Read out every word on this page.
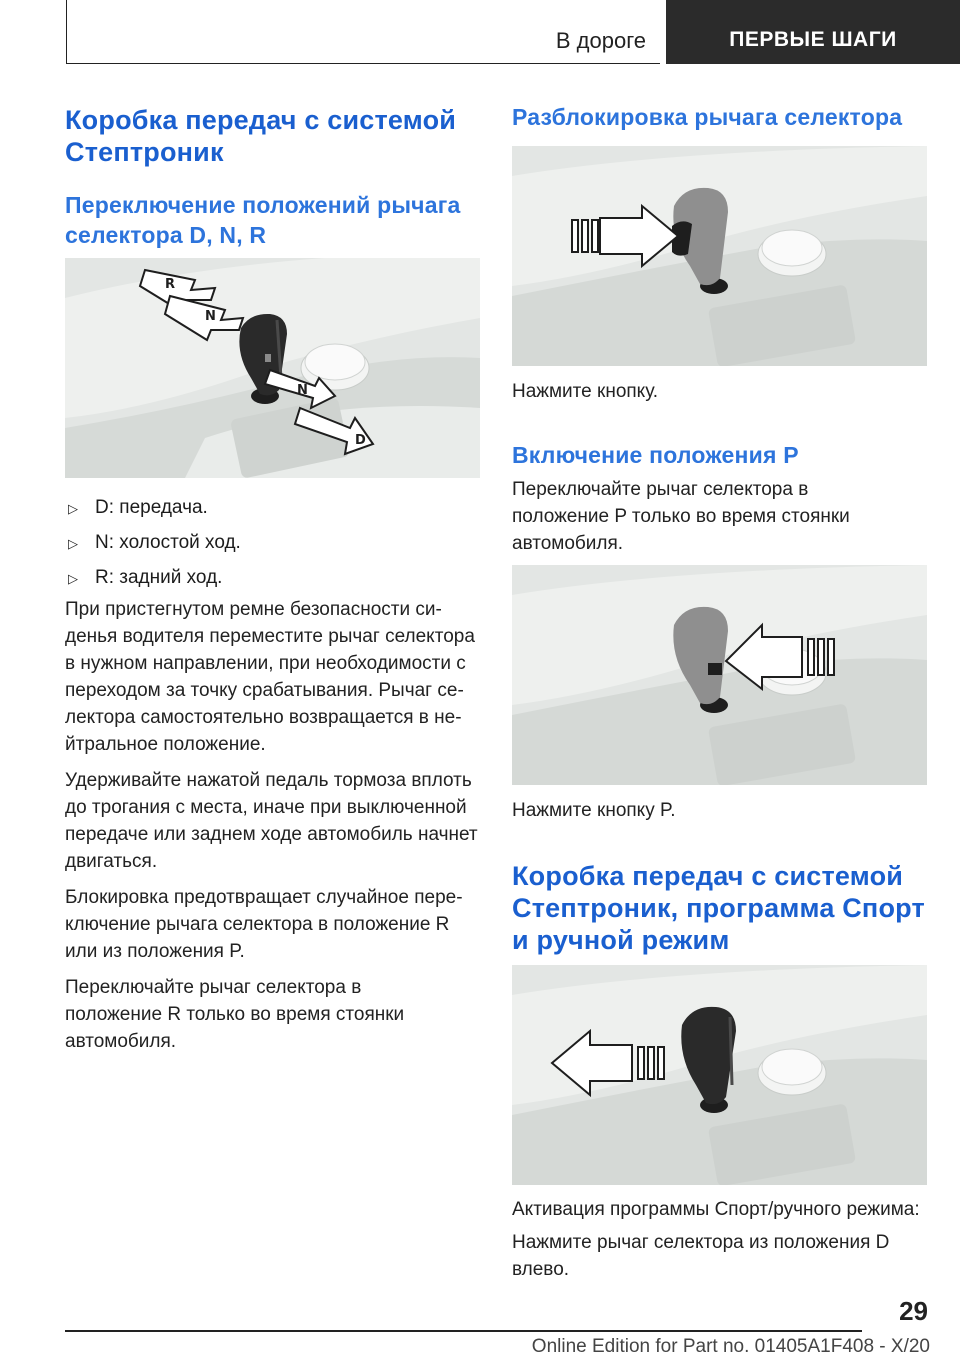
В дороге	ПЕРВЫЕ ШАГИ
Коробка передач с системой Стептроник
Переключение положений рычага селектора D, N, R
R
N
N
D
▷ D: передача.
▷ N: холостой ход.
▷ R: задний ход.

При пристегнутом ремне безопасности си-
денья водителя переместите рычаг селектора
в нужном направлении, при необходимости с
переходом за точку срабатывания. Рычаг се-
лектора самостоятельно возвращается в не-
йтральное положение.

Удерживайте нажатой педаль тормоза вплоть
до трогания с места, иначе при выключенной
передаче или заднем ходе автомобиль начнет
двигаться.

Блокировка предотвращает случайное пере-
ключение рычага селектора в положение R
или из положения P.

Переключайте рычаг селектора в
положение R только во время стоянки
автомобиля.

Разблокировка рычага селектора

Нажмите кнопку.

Включение положения P

Переключайте рычаг селектора в
положение P только во время стоянки
автомобиля.

Нажмите кнопку P.

Коробка передач с системой Стептроник, программа Спорт и ручной режим

Активация программы Спорт/ручного режима:

Нажмите рычаг селектора из положения D
влево.

29
Online Edition for Part no. 01405A1F408 - X/20
